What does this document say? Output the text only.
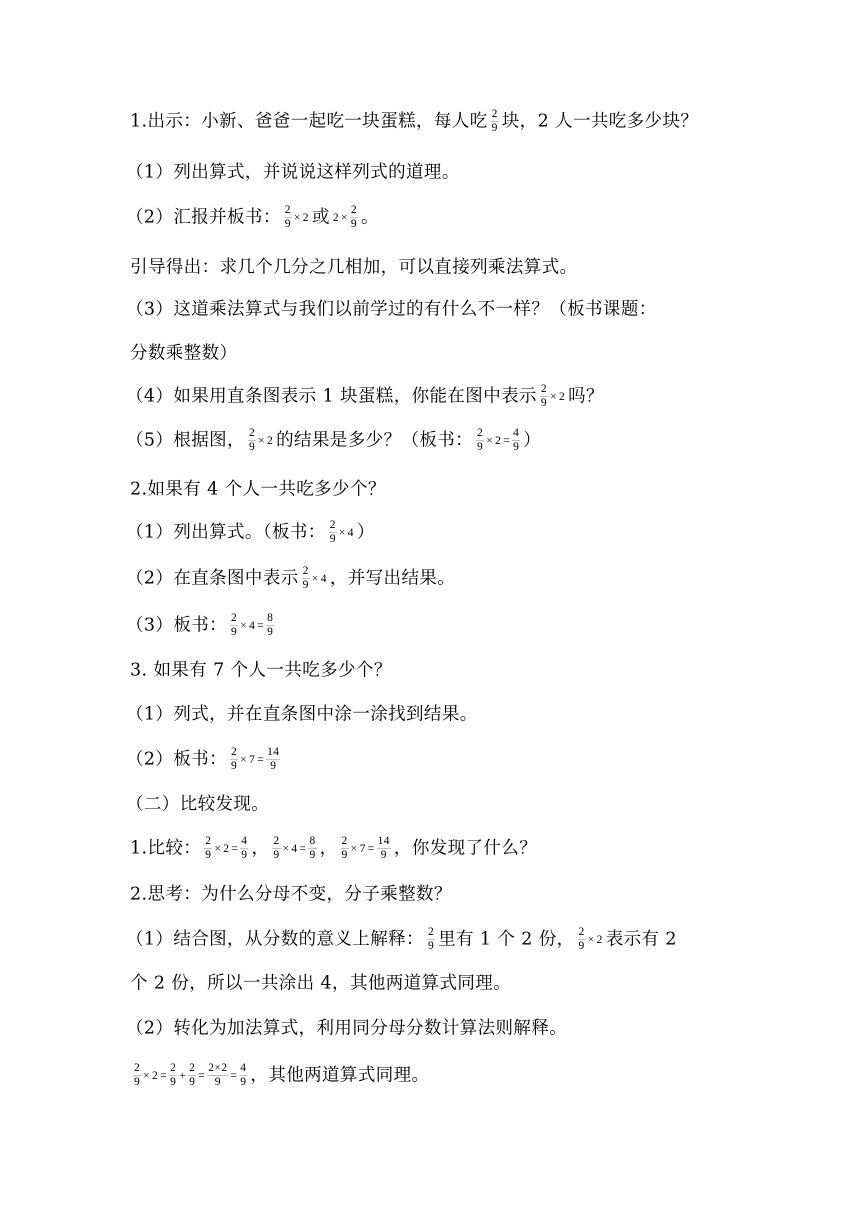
1.出示：小新、爸爸一起吃一块蛋糕，每人吃 $\frac{2}{9}$ 块，2 人一共吃多少块？
（1）列出算式，并说说这样列式的道理。
（2）汇报并板书： $\frac{2}{9} \times 2$ 或 $2 \times \frac{2}{9}$ 。
引导得出：求几个几分之几相加，可以直接列乘法算式。
（3）这道乘法算式与我们以前学过的有什么不一样？（板书课题：
分数乘整数）
（4）如果用直条图表示 1 块蛋糕，你能在图中表示 $\frac{2}{9} \times 2$ 吗？
（5）根据图， $\frac{2}{9} \times 2$ 的结果是多少？（板书： $\frac{2}{9} \times 2 = \frac{4}{9}$ ）
2.如果有 4 个人一共吃多少个？
（1）列出算式。（板书： $\frac{2}{9} \times 4$ ）
（2）在直条图中表示 $\frac{2}{9} \times 4$ ，并写出结果。
（3）板书： $\frac{2}{9} \times 4 = \frac{8}{9}$
3. 如果有 7 个人一共吃多少个？
（1）列式，并在直条图中涂一涂找到结果。
（2）板书： $\frac{2}{9} \times 7 = \frac{14}{9}$
（二）比较发现。
1.比较： $\frac{2}{9} \times 2 = \frac{4}{9}$ ， $\frac{2}{9} \times 4 = \frac{8}{9}$ ， $\frac{2}{9} \times 7 = \frac{14}{9}$ ，你发现了什么？
2.思考：为什么分母不变，分子乘整数？
（1）结合图，从分数的意义上解释： $\frac{2}{9}$ 里有 1 个 2 份， $\frac{2}{9} \times 2$ 表示有 2
个 2 份，所以一共涂出 4，其他两道算式同理。
（2）转化为加法算式，利用同分母分数计算法则解释。
$\frac{2}{9} \times 2 = \frac{2}{9} + \frac{2}{9} = \frac{2\times 2}{9} = \frac{4}{9}$ ，其他两道算式同理。
